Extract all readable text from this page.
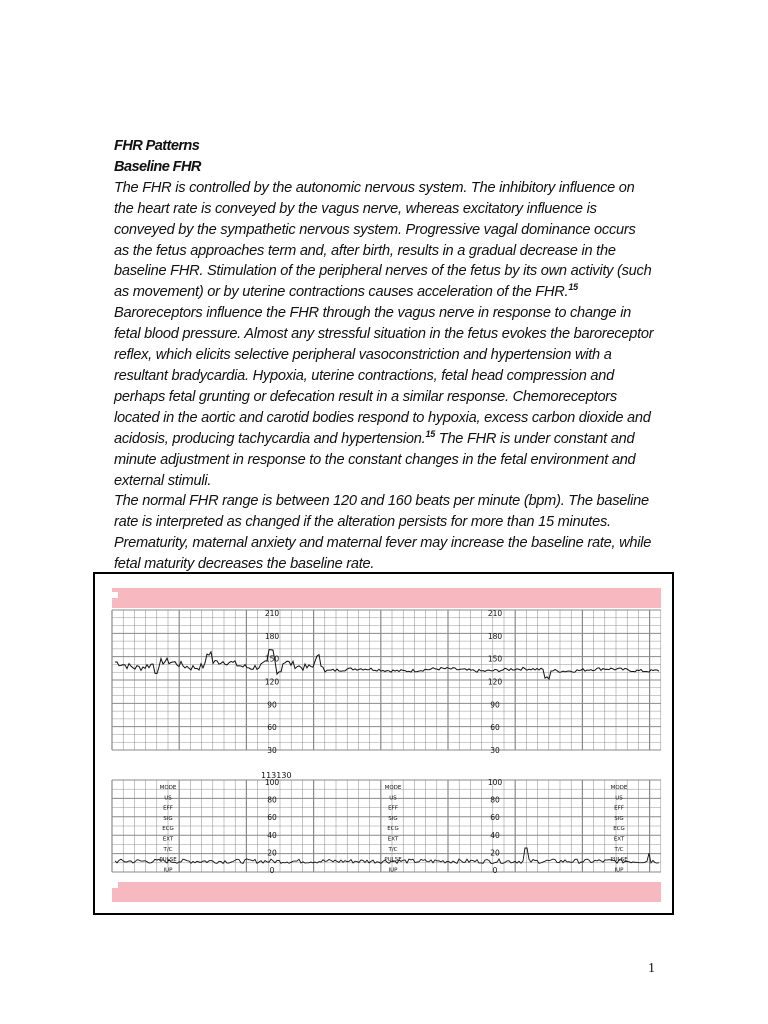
FHR Patterns
Baseline FHR
The FHR is controlled by the autonomic nervous system. The inhibitory influence on the heart rate is conveyed by the vagus nerve, whereas excitatory influence is conveyed by the sympathetic nervous system. Progressive vagal dominance occurs as the fetus approaches term and, after birth, results in a gradual decrease in the baseline FHR. Stimulation of the peripheral nerves of the fetus by its own activity (such as movement) or by uterine contractions causes acceleration of the FHR.$^{15}$ Baroreceptors influence the FHR through the vagus nerve in response to change in fetal blood pressure. Almost any stressful situation in the fetus evokes the baroreceptor reflex, which elicits selective peripheral vasoconstriction and hypertension with a resultant bradycardia. Hypoxia, uterine contractions, fetal head compression and perhaps fetal grunting or defecation result in a similar response. Chemoreceptors located in the aortic and carotid bodies respond to hypoxia, excess carbon dioxide and acidosis, producing tachycardia and hypertension.$^{15}$ The FHR is under constant and minute adjustment in response to the constant changes in the fetal environment and external stimuli.
The normal FHR range is between 120 and 160 beats per minute (bpm). The baseline rate is interpreted as changed if the alteration persists for more than 15 minutes. Prematurity, maternal anxiety and maternal fever may increase the baseline rate, while fetal maturity decreases the baseline rate.
210
180
150
120
90
60
30
100
80
60
40
20
0
210
180
150
120
90
60
30
100
80
60
40
20
0
MODE
US
EFF
SIG
ECG
EXT
T/C
PULSE
IUP
MODE
US
EFF
SIG
ECG
EXT
T/C
PULSE
IUP
MODE
US
EFF
SIG
ECG
EXT
T/C
PULSE
IUP
113130
1
